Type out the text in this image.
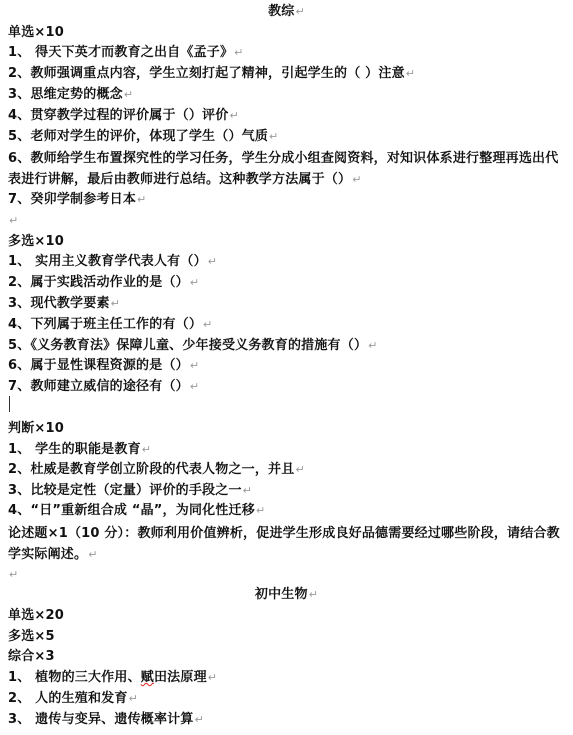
教综↵
单选×10
1、 得天下英才而教育之出自《孟子》↵
2、教师强调重点内容，学生立刻打起了精神，引起学生的（ ）注意↵
3、思维定势的概念↵
4、贯穿教学过程的评价属于（）评价↵
5、老师对学生的评价，体现了学生（）气质↵
6、教师给学生布置探究性的学习任务，学生分成小组查阅资料，对知识体系进行整理再选出代表进行讲解，最后由教师进行总结。这种教学方法属于（）↵
7、癸卯学制参考日本↵
↵
多选×10
1、 实用主义教育学代表人有（）↵
2、属于实践活动作业的是（）↵
3、现代教学要素↵
4、下列属于班主任工作的有（）↵
5、《义务教育法》保障儿童、少年接受义务教育的措施有（）↵
6、属于显性课程资源的是（）↵
7、教师建立威信的途径有（）↵
判断×10
1、 学生的职能是教育↵
2、杜威是教育学创立阶段的代表人物之一，并且↵
3、比较是定性（定量）评价的手段之一↵
4、“日”重新组合成 “晶”，为同化性迁移↵
论述题×1（10 分）：教师利用价值辨析，促进学生形成良好品德需要经过哪些阶段，请结合教学实际阐述。↵
↵
初中生物↵
单选×20
多选×5
综合×3
1、 植物的三大作用、赋田法原理↵
2、 人的生殖和发育↵
3、 遗传与变异、遗传概率计算↵
